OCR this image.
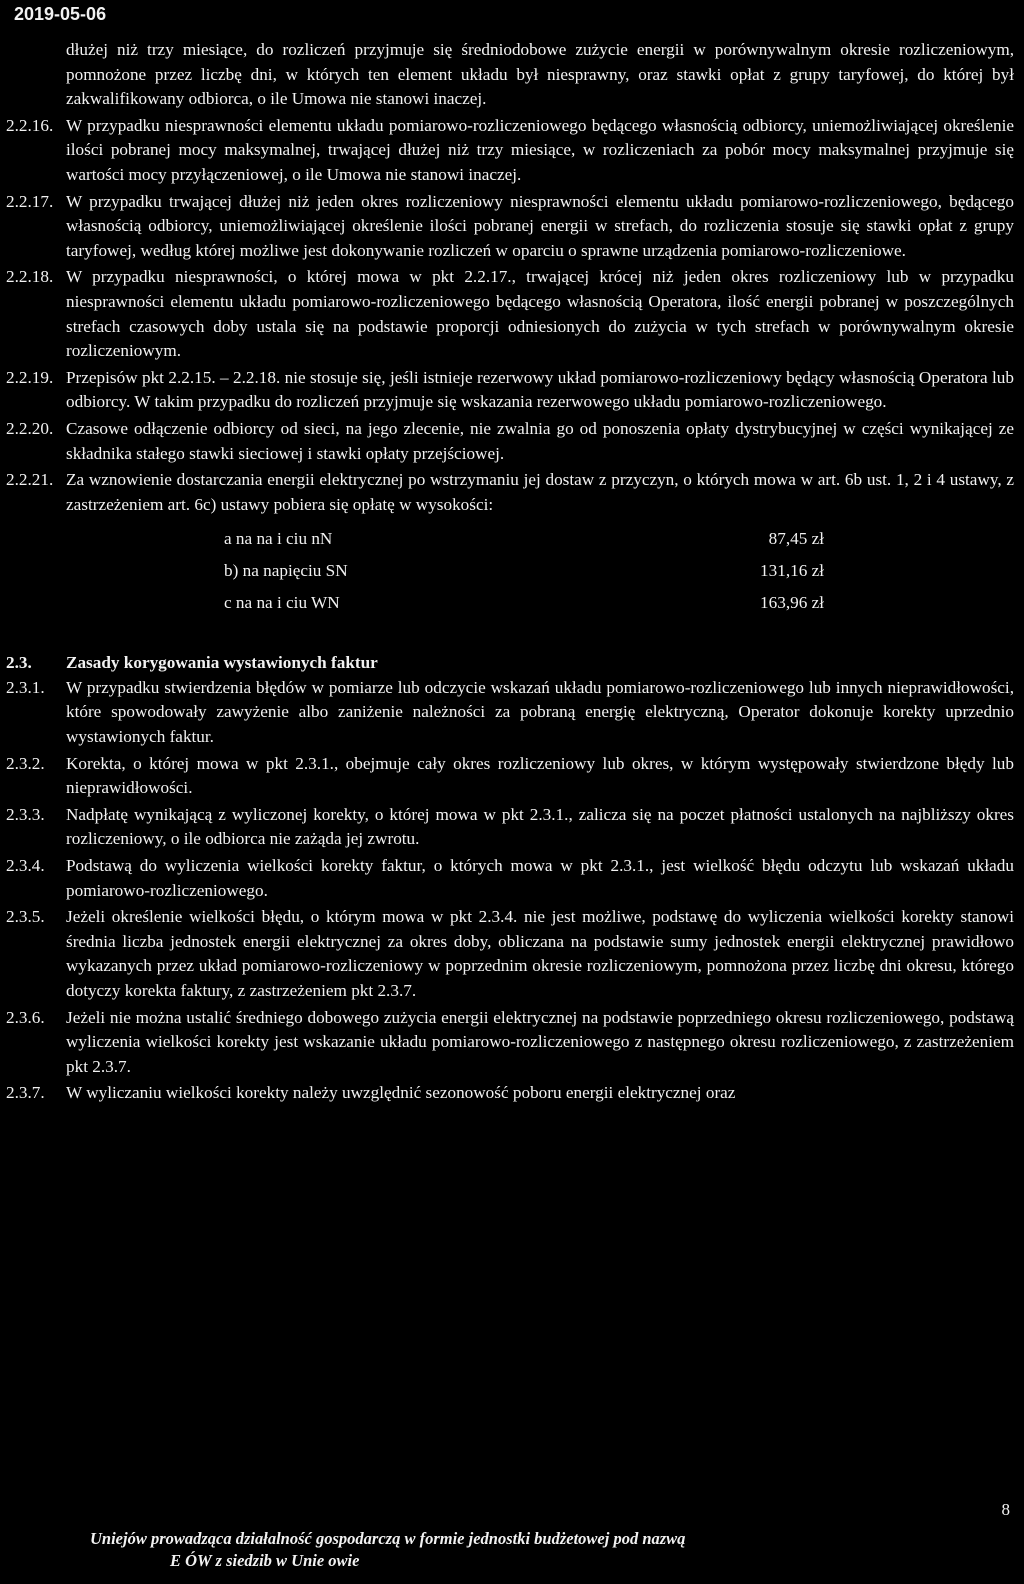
2019-05-06
dłużej niż trzy miesiące, do rozliczeń przyjmuje się średniodobowe zużycie energii w porównywalnym okresie rozliczeniowym, pomnożone przez liczbę dni, w których ten element układu był niesprawny, oraz stawki opłat z grupy taryfowej, do której był zakwalifikowany odbiorca, o ile Umowa nie stanowi inaczej.
2.2.16. W przypadku niesprawności elementu układu pomiarowo-rozliczeniowego będącego własnością odbiorcy, uniemożliwiającej określenie ilości pobranej mocy maksymalnej, trwającej dłużej niż trzy miesiące, w rozliczeniach za pobór mocy maksymalnej przyjmuje się wartości mocy przyłączeniowej, o ile Umowa nie stanowi inaczej.
2.2.17. W przypadku trwającej dłużej niż jeden okres rozliczeniowy niesprawności elementu układu pomiarowo-rozliczeniowego, będącego własnością odbiorcy, uniemożliwiającej określenie ilości pobranej energii w strefach, do rozliczenia stosuje się stawki opłat z grupy taryfowej, według której możliwe jest dokonywanie rozliczeń w oparciu o sprawne urządzenia pomiarowo-rozliczeniowe.
2.2.18. W przypadku niesprawności, o której mowa w pkt 2.2.17., trwającej krócej niż jeden okres rozliczeniowy lub w przypadku niesprawności elementu układu pomiarowo-rozliczeniowego będącego własnością Operatora, ilość energii pobranej w poszczególnych strefach czasowych doby ustala się na podstawie proporcji odniesionych do zużycia w tych strefach w porównywalnym okresie rozliczeniowym.
2.2.19. Przepisów pkt 2.2.15. – 2.2.18. nie stosuje się, jeśli istnieje rezerwowy układ pomiarowo-rozliczeniowy będący własnością Operatora lub odbiorcy. W takim przypadku do rozliczeń przyjmuje się wskazania rezerwowego układu pomiarowo-rozliczeniowego.
2.2.20. Czasowe odłączenie odbiorcy od sieci, na jego zlecenie, nie zwalnia go od ponoszenia opłaty dystrybucyjnej w części wynikającej ze składnika stałego stawki sieciowej i stawki opłaty przejściowej.
2.2.21. Za wznowienie dostarczania energii elektrycznej po wstrzymaniu jej dostaw z przyczyn, o których mowa w art. 6b ust. 1, 2 i 4 ustawy, z zastrzeżeniem art. 6c) ustawy pobiera się opłatę w wysokości:
a na na i ciu nN	87,45 zł
b) na napięciu SN	131,16 zł
c na na i ciu WN	163,96 zł
2.3. Zasady korygowania wystawionych faktur
2.3.1. W przypadku stwierdzenia błędów w pomiarze lub odczycie wskazań układu pomiarowo-rozliczeniowego lub innych nieprawidłowości, które spowodowały zawyżenie albo zaniżenie należności za pobraną energię elektryczną, Operator dokonuje korekty uprzednio wystawionych faktur.
2.3.2. Korekta, o której mowa w pkt 2.3.1., obejmuje cały okres rozliczeniowy lub okres, w którym występowały stwierdzone błędy lub nieprawidłowości.
2.3.3. Nadpłatę wynikającą z wyliczonej korekty, o której mowa w pkt 2.3.1., zalicza się na poczet płatności ustalonych na najbliższy okres rozliczeniowy, o ile odbiorca nie zażąda jej zwrotu.
2.3.4. Podstawą do wyliczenia wielkości korekty faktur, o których mowa w pkt 2.3.1., jest wielkość błędu odczytu lub wskazań układu pomiarowo-rozliczeniowego.
2.3.5. Jeżeli określenie wielkości błędu, o którym mowa w pkt 2.3.4. nie jest możliwe, podstawę do wyliczenia wielkości korekty stanowi średnia liczba jednostek energii elektrycznej za okres doby, obliczana na podstawie sumy jednostek energii elektrycznej prawidłowo wykazanych przez układ pomiarowo-rozliczeniowy w poprzednim okresie rozliczeniowym, pomnożona przez liczbę dni okresu, którego dotyczy korekta faktury, z zastrzeżeniem pkt 2.3.7.
2.3.6. Jeżeli nie można ustalić średniego dobowego zużycia energii elektrycznej na podstawie poprzedniego okresu rozliczeniowego, podstawą wyliczenia wielkości korekty jest wskazanie układu pomiarowo-rozliczeniowego z następnego okresu rozliczeniowego, z zastrzeżeniem pkt 2.3.7.
2.3.7. W wyliczaniu wielkości korekty należy uwzględnić sezonowość poboru energii elektrycznej oraz
8
Uniejów prowadząca działalność gospodarczą w formie jednostki budżetowej pod nazwą
E ÓW z siedzib w Unie owie
